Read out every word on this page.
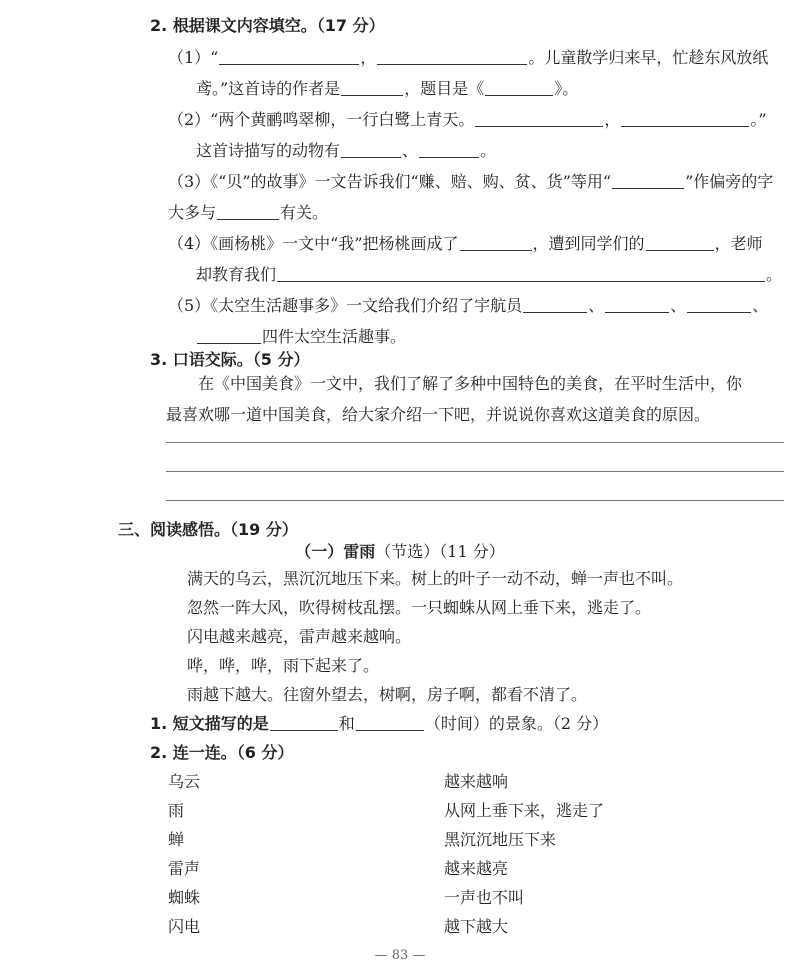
2. 根据课文内容填空。（17 分）
（1）“	，	。儿童散学归来早，忙趁东风放纸
鸢。”这首诗的作者是	，题目是《	》。
（2）“两个黄鹂鸣翠柳，一行白鹭上青天。	，	。”
这首诗描写的动物有	、	。
（3）《“贝”的故事》一文告诉我们“赚、赔、购、贫、货”等用“	”作偏旁的字
大多与	有关。
（4）《画杨桃》一文中“我”把杨桃画成了	，遭到同学们的	，老师
却教育我们	。
（5）《太空生活趣事多》一文给我们介绍了宇航员	、	、	、
四件太空生活趣事。
3. 口语交际。（5 分）
在《中国美食》一文中，我们了解了多种中国特色的美食，在平时生活中，你
最喜欢哪一道中国美食，给大家介绍一下吧，并说说你喜欢这道美食的原因。
三、阅读感悟。（19 分）
（一）雷雨（节选）（11 分）
满天的乌云，黑沉沉地压下来。树上的叶子一动不动，蝉一声也不叫。
忽然一阵大风，吹得树枝乱摆。一只蜘蛛从网上垂下来，逃走了。
闪电越来越亮，雷声越来越响。
哗，哗，哗，雨下起来了。
雨越下越大。往窗外望去，树啊，房子啊，都看不清了。
1. 短文描写的是	和	（时间）的景象。（2 分）
2. 连一连。（6 分）
乌云
雨
蝉
雷声
蜘蛛
闪电
越来越响
从网上垂下来，逃走了
黑沉沉地压下来
越来越亮
一声也不叫
越下越大
— 83 —
